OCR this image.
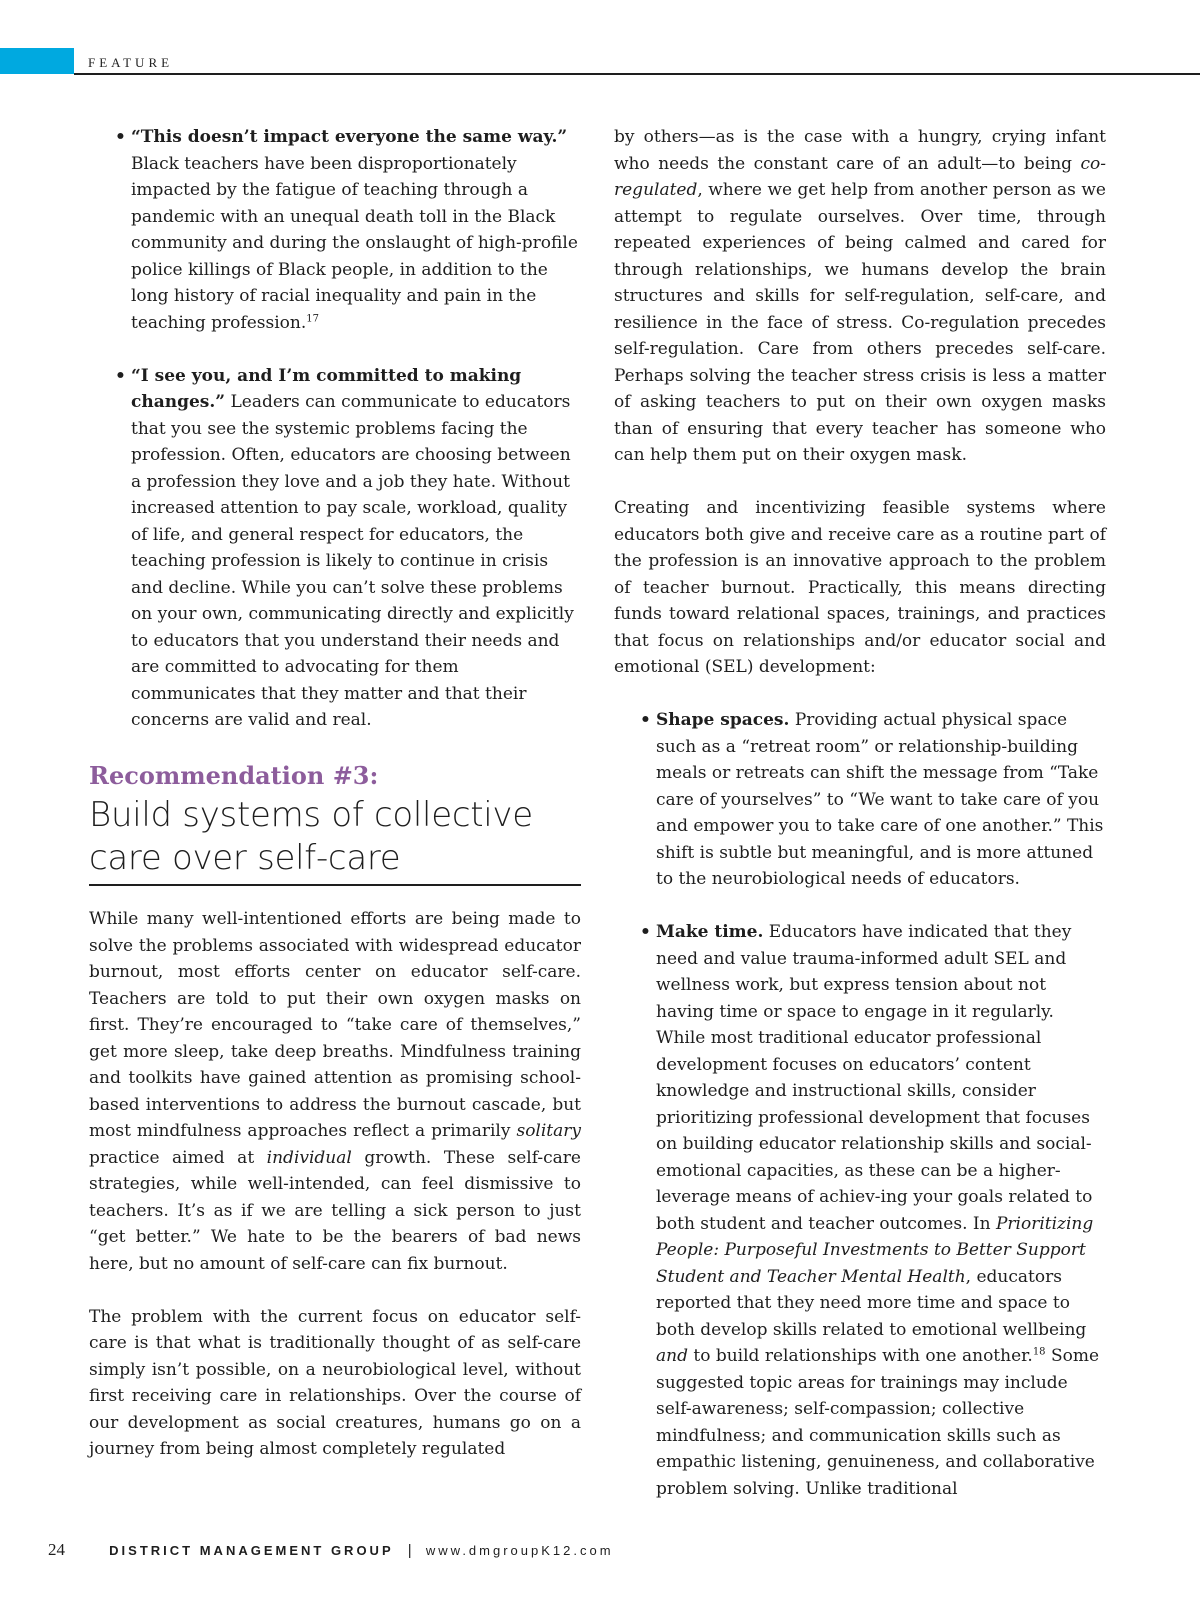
FEATURE
• “This doesn’t impact everyone the same way.” Black teachers have been disproportionately impacted by the fatigue of teaching through a pandemic with an unequal death toll in the Black community and during the onslaught of high-profile police killings of Black people, in addition to the long history of racial inequality and pain in the teaching profession.$^{17}$
• “I see you, and I’m committed to making changes.” Leaders can communicate to educators that you see the systemic problems facing the profession. Often, educators are choosing between a profession they love and a job they hate. Without increased attention to pay scale, workload, quality of life, and general respect for educators, the teaching profession is likely to continue in crisis and decline. While you can’t solve these problems on your own, communicating directly and explicitly to educators that you understand their needs and are committed to advocating for them communicates that they matter and that their concerns are valid and real.
Recommendation #3:
Build systems of collective
care over self-care

While many well-intentioned efforts are being made to solve the problems associated with widespread educator burnout, most efforts center on educator self-care. Teachers are told to put their own oxygen masks on first. They’re encouraged to “take care of themselves,” get more sleep, take deep breaths. Mindfulness training and toolkits have gained attention as promising school-based interventions to address the burnout cascade, but most mindfulness approaches reflect a primarily solitary practice aimed at individual growth. These self-care strategies, while well-intended, can feel dismissive to teachers. It’s as if we are telling a sick person to just “get better.” We hate to be the bearers of bad news here, but no amount of self-care can fix burnout.

The problem with the current focus on educator self-care is that what is traditionally thought of as self-care simply isn’t possible, on a neurobiological level, without first receiving care in relationships. Over the course of our development as social creatures, humans go on a journey from being almost completely regulated

by others—as is the case with a hungry, crying infant who needs the constant care of an adult—to being co-regulated, where we get help from another person as we attempt to regulate ourselves. Over time, through repeated experiences of being calmed and cared for through relationships, we humans develop the brain structures and skills for self-regulation, self-care, and resilience in the face of stress. Co-regulation precedes self-regulation. Care from others precedes self-care. Perhaps solving the teacher stress crisis is less a matter of asking teachers to put on their own oxygen masks than of ensuring that every teacher has someone who can help them put on their oxygen mask.

Creating and incentivizing feasible systems where educators both give and receive care as a routine part of the profession is an innovative approach to the problem of teacher burnout. Practically, this means directing funds toward relational spaces, trainings, and practices that focus on relationships and/or educator social and emotional (SEL) development:

• Shape spaces. Providing actual physical space such as a “retreat room” or relationship-building meals or retreats can shift the message from “Take care of yourselves” to “We want to take care of you and empower you to take care of one another.” This shift is subtle but meaningful, and is more attuned to the neurobiological needs of educators.
• Make time. Educators have indicated that they need and value trauma-informed adult SEL and wellness work, but express tension about not having time or space to engage in it regularly. While most traditional educator professional development focuses on educators’ content knowledge and instructional skills, consider prioritizing professional development that focuses on building educator relationship skills and social-emotional capacities, as these can be a higher-leverage means of achiev-ing your goals related to both student and teacher outcomes. In Prioritizing People: Purposeful Investments to Better Support Student and Teacher Mental Health, educators reported that they need more time and space to both develop skills related to emotional wellbeing and to build relationships with one another.$^{18}$ Some suggested topic areas for trainings may include self-awareness; self-compassion; collective mindfulness; and communication skills such as empathic listening, genuineness, and collaborative problem solving. Unlike traditional
24	DISTRICT MANAGEMENT GROUP | www.dmgroupK12.com
